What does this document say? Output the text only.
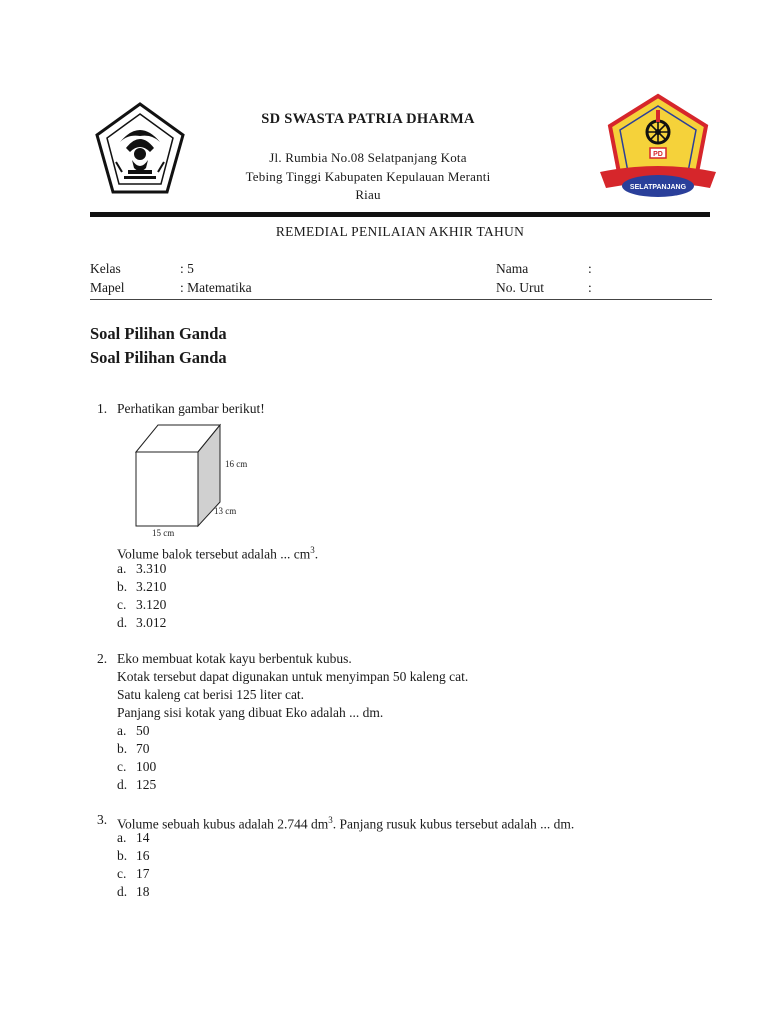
PD
SELATPANJANG
SD SWASTA PATRIA DHARMA
Jl. Rumbia No.08 Selatpanjang Kota
Tebing Tinggi Kabupaten Kepulauan Meranti
Riau
REMEDIAL PENILAIAN AKHIR TAHUN
Kelas	: 5	Nama	:
Mapel	: Matematika	No. Urut	:
Soal Pilihan Ganda
Soal Pilihan Ganda
1. Perhatikan gambar berikut!
16 cm
13 cm
15 cm
Volume balok tersebut adalah ... $cm^3$.
a. 3.310
b. 3.210
c. 3.120
d. 3.012
2. Eko membuat kotak kayu berbentuk kubus.
Kotak tersebut dapat digunakan untuk menyimpan 50 kaleng cat.
Satu kaleng cat berisi 125 liter cat.
Panjang sisi kotak yang dibuat Eko adalah ... dm.
a. 50
b. 70
c. 100
d. 125
3. Volume sebuah kubus adalah 2.744 $dm^3$. Panjang rusuk kubus tersebut adalah ... dm.
a. 14
b. 16
c. 17
d. 18
